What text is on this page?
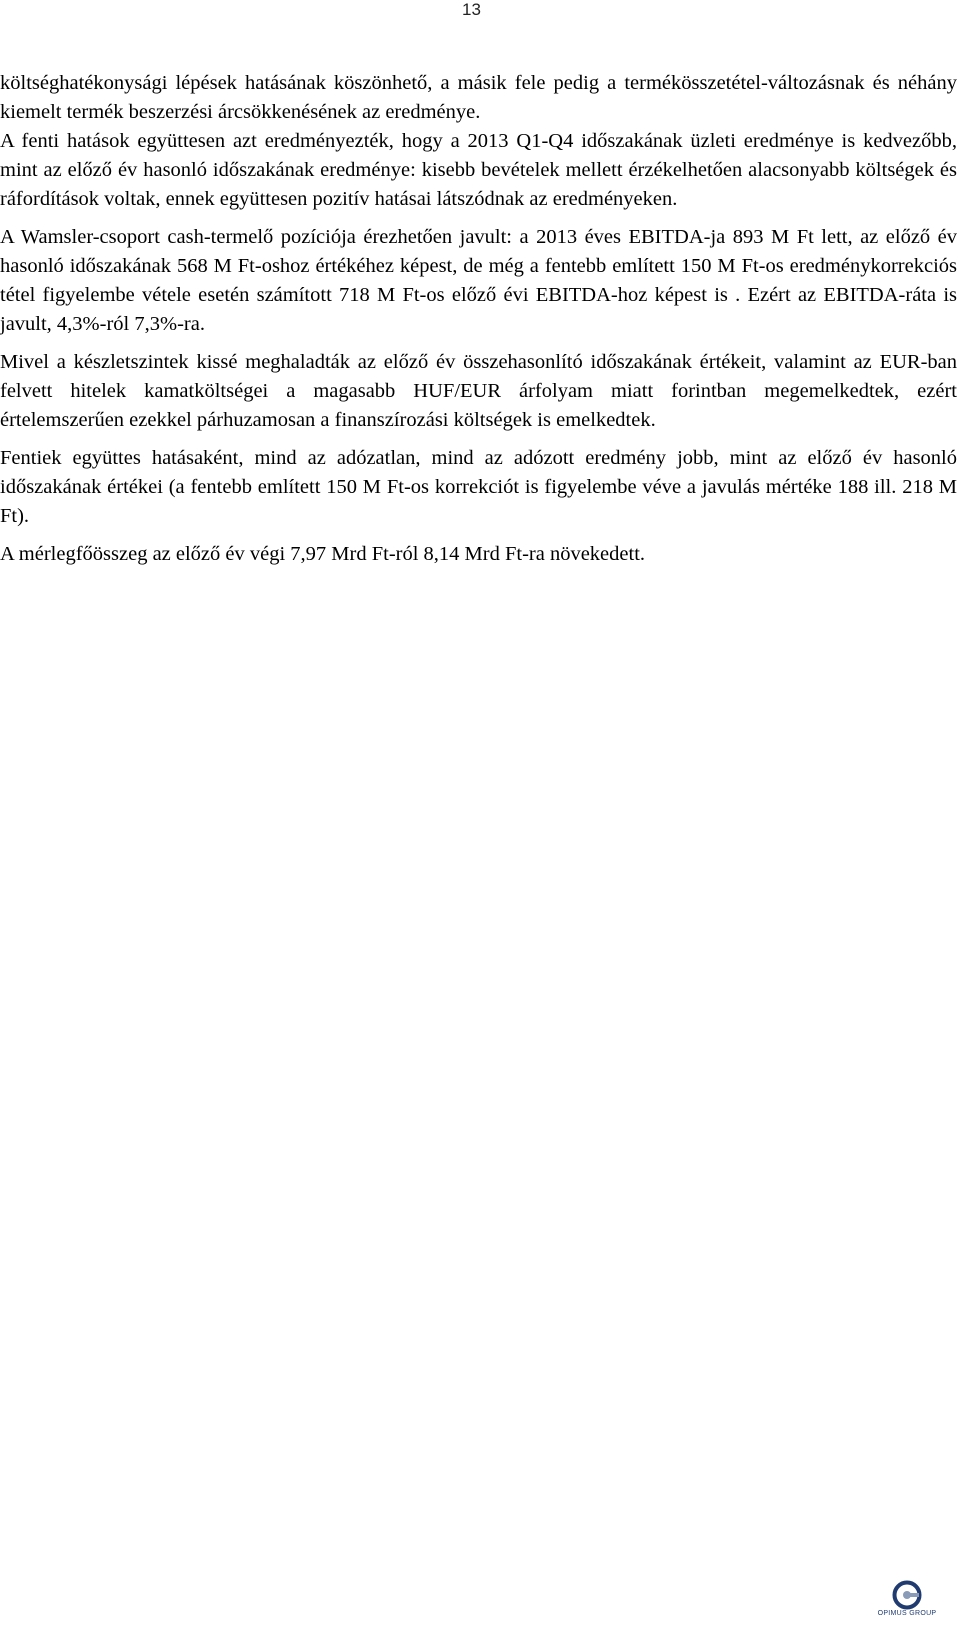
13

költséghatékonysági lépések hatásának köszönhető, a másik fele pedig a termékösszetétel-változásnak és néhány kiemelt termék beszerzési árcsökkenésének az eredménye.

A fenti hatások együttesen azt eredményezték, hogy a 2013 Q1-Q4 időszakának üzleti eredménye is kedvezőbb, mint az előző év hasonló időszakának eredménye: kisebb bevételek mellett érzékelhetően alacsonyabb költségek és ráfordítások voltak, ennek együttesen pozitív hatásai látszódnak az eredményeken.

A Wamsler-csoport cash-termelő pozíciója érezhetően javult: a 2013 éves EBITDA-ja 893 M Ft lett, az előző év hasonló időszakának 568 M Ft-oshoz értékéhez képest, de még a fentebb említett 150 M Ft-os eredménykorrekciós tétel figyelembe vétele esetén számított 718 M Ft-os előző évi EBITDA-hoz képest is . Ezért az EBITDA-ráta is javult, 4,3%-ról 7,3%-ra.

Mivel a készletszintek kissé meghaladták az előző év összehasonlító időszakának értékeit, valamint az EUR-ban felvett hitelek kamatköltségei a magasabb HUF/EUR árfolyam miatt forintban megemelkedtek, ezért értelemszerűen ezekkel párhuzamosan a finanszírozási költségek is emelkedtek.

Fentiek együttes hatásaként, mind az adózatlan, mind az adózott eredmény jobb, mint az előző év hasonló időszakának értékei (a fentebb említett 150 M Ft-os korrekciót is figyelembe véve a javulás mértéke 188 ill. 218 M Ft).

A mérlegfőösszeg az előző év végi 7,97 Mrd Ft-ról 8,14 Mrd Ft-ra növekedett.

OPIMUS GROUP
